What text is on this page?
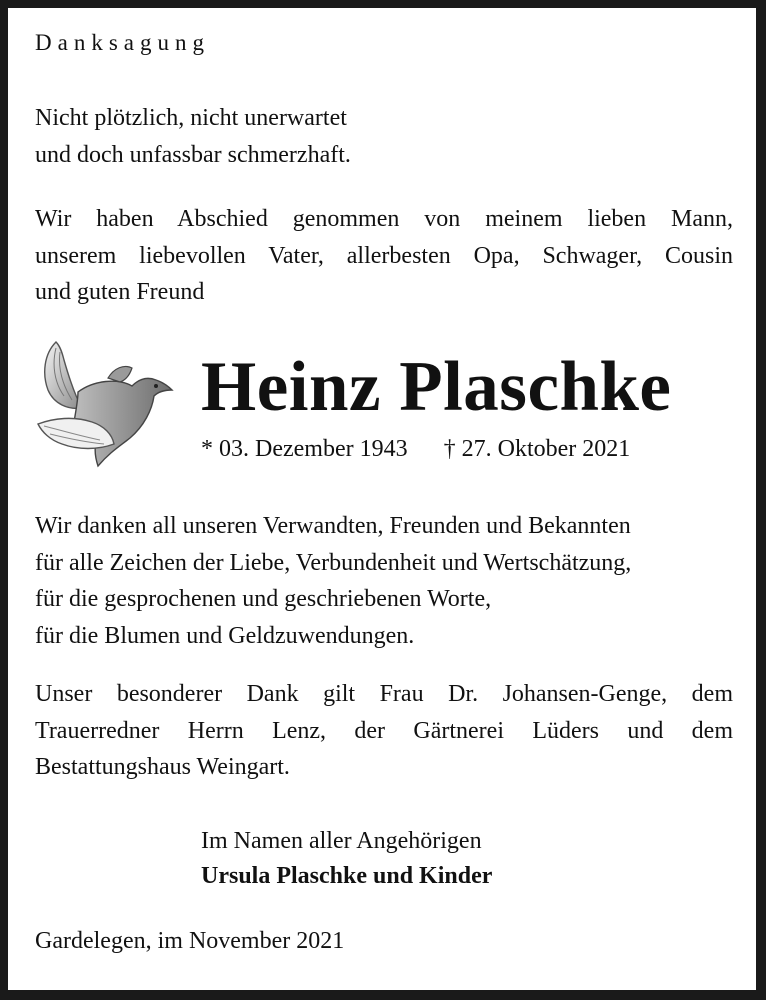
Danksagung
Nicht plötzlich, nicht unerwartet
und doch unfassbar schmerzhaft.

Wir haben Abschied genommen von meinem lieben Mann,

unserem liebevollen Vater, allerbesten Opa, Schwager, Cousin

und guten Freund

Heinz Plaschke
* 03. Dezember 1943 † 27. Oktober 2021
Wir danken all unseren Verwandten, Freunden und Bekannten
für alle Zeichen der Liebe, Verbundenheit und Wertschätzung,
für die gesprochenen und geschriebenen Worte,
für die Blumen und Geldzuwendungen.

Unser besonderer Dank gilt Frau Dr. Johansen-Genge, dem

Trauerredner Herrn Lenz, der Gärtnerei Lüders und dem

Bestattungshaus Weingart.

Im Namen aller Angehörigen
Ursula Plaschke und Kinder
Gardelegen, im November 2021
